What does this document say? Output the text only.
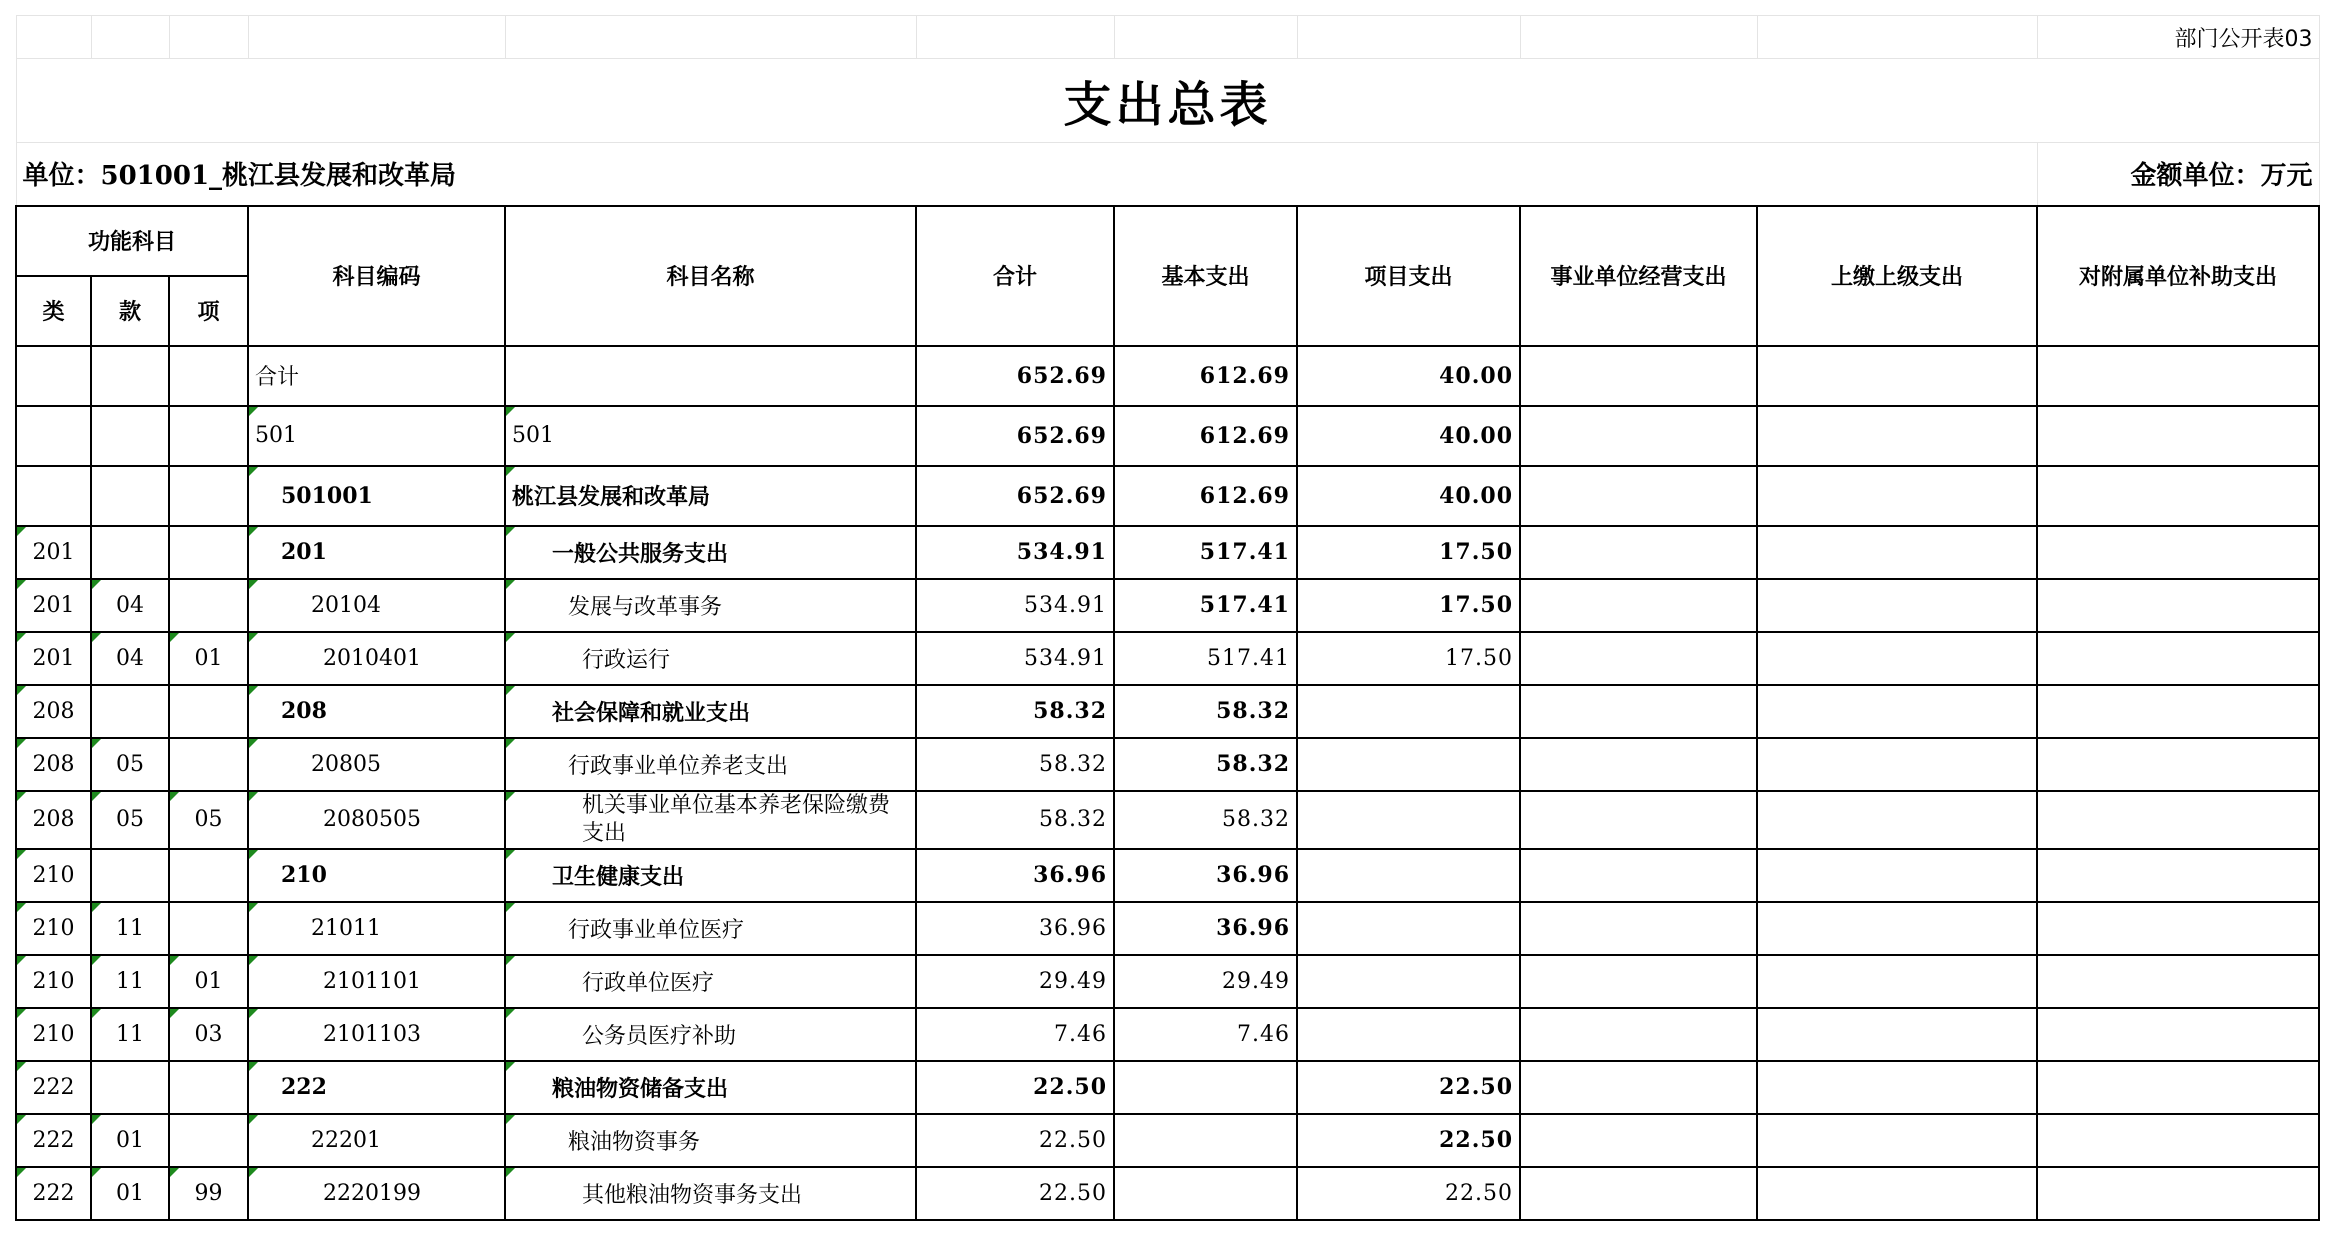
										部门公开表03
支出总表										
单位：501001_桃江县发展和改革局										金额单位：万元
功能科目			科目编码	科目名称	合计	基本支出	项目支出	事业单位经营支出	上缴上级支出	对附属单位补助支出
类	款	项								
			合计		652.69	612.69	40.00			
			501	501	652.69	612.69	40.00			
			501001	桃江县发展和改革局	652.69	612.69	40.00			
201			201	一般公共服务支出	534.91	517.41	17.50			
201	04		20104	发展与改革事务	534.91	517.41	17.50			
201	04	01	2010401	行政运行	534.91	517.41	17.50			
208			208	社会保障和就业支出	58.32	58.32				
208	05		20805	行政事业单位养老支出	58.32	58.32				
208	05	05	2080505	机关事业单位基本养老保险缴费支出	58.32	58.32				
210			210	卫生健康支出	36.96	36.96				
210	11		21011	行政事业单位医疗	36.96	36.96				
210	11	01	2101101	行政单位医疗	29.49	29.49				
210	11	03	2101103	公务员医疗补助	7.46	7.46				
222			222	粮油物资储备支出	22.50		22.50			
222	01		22201	粮油物资事务	22.50		22.50			
222	01	99	2220199	其他粮油物资事务支出	22.50		22.50			
